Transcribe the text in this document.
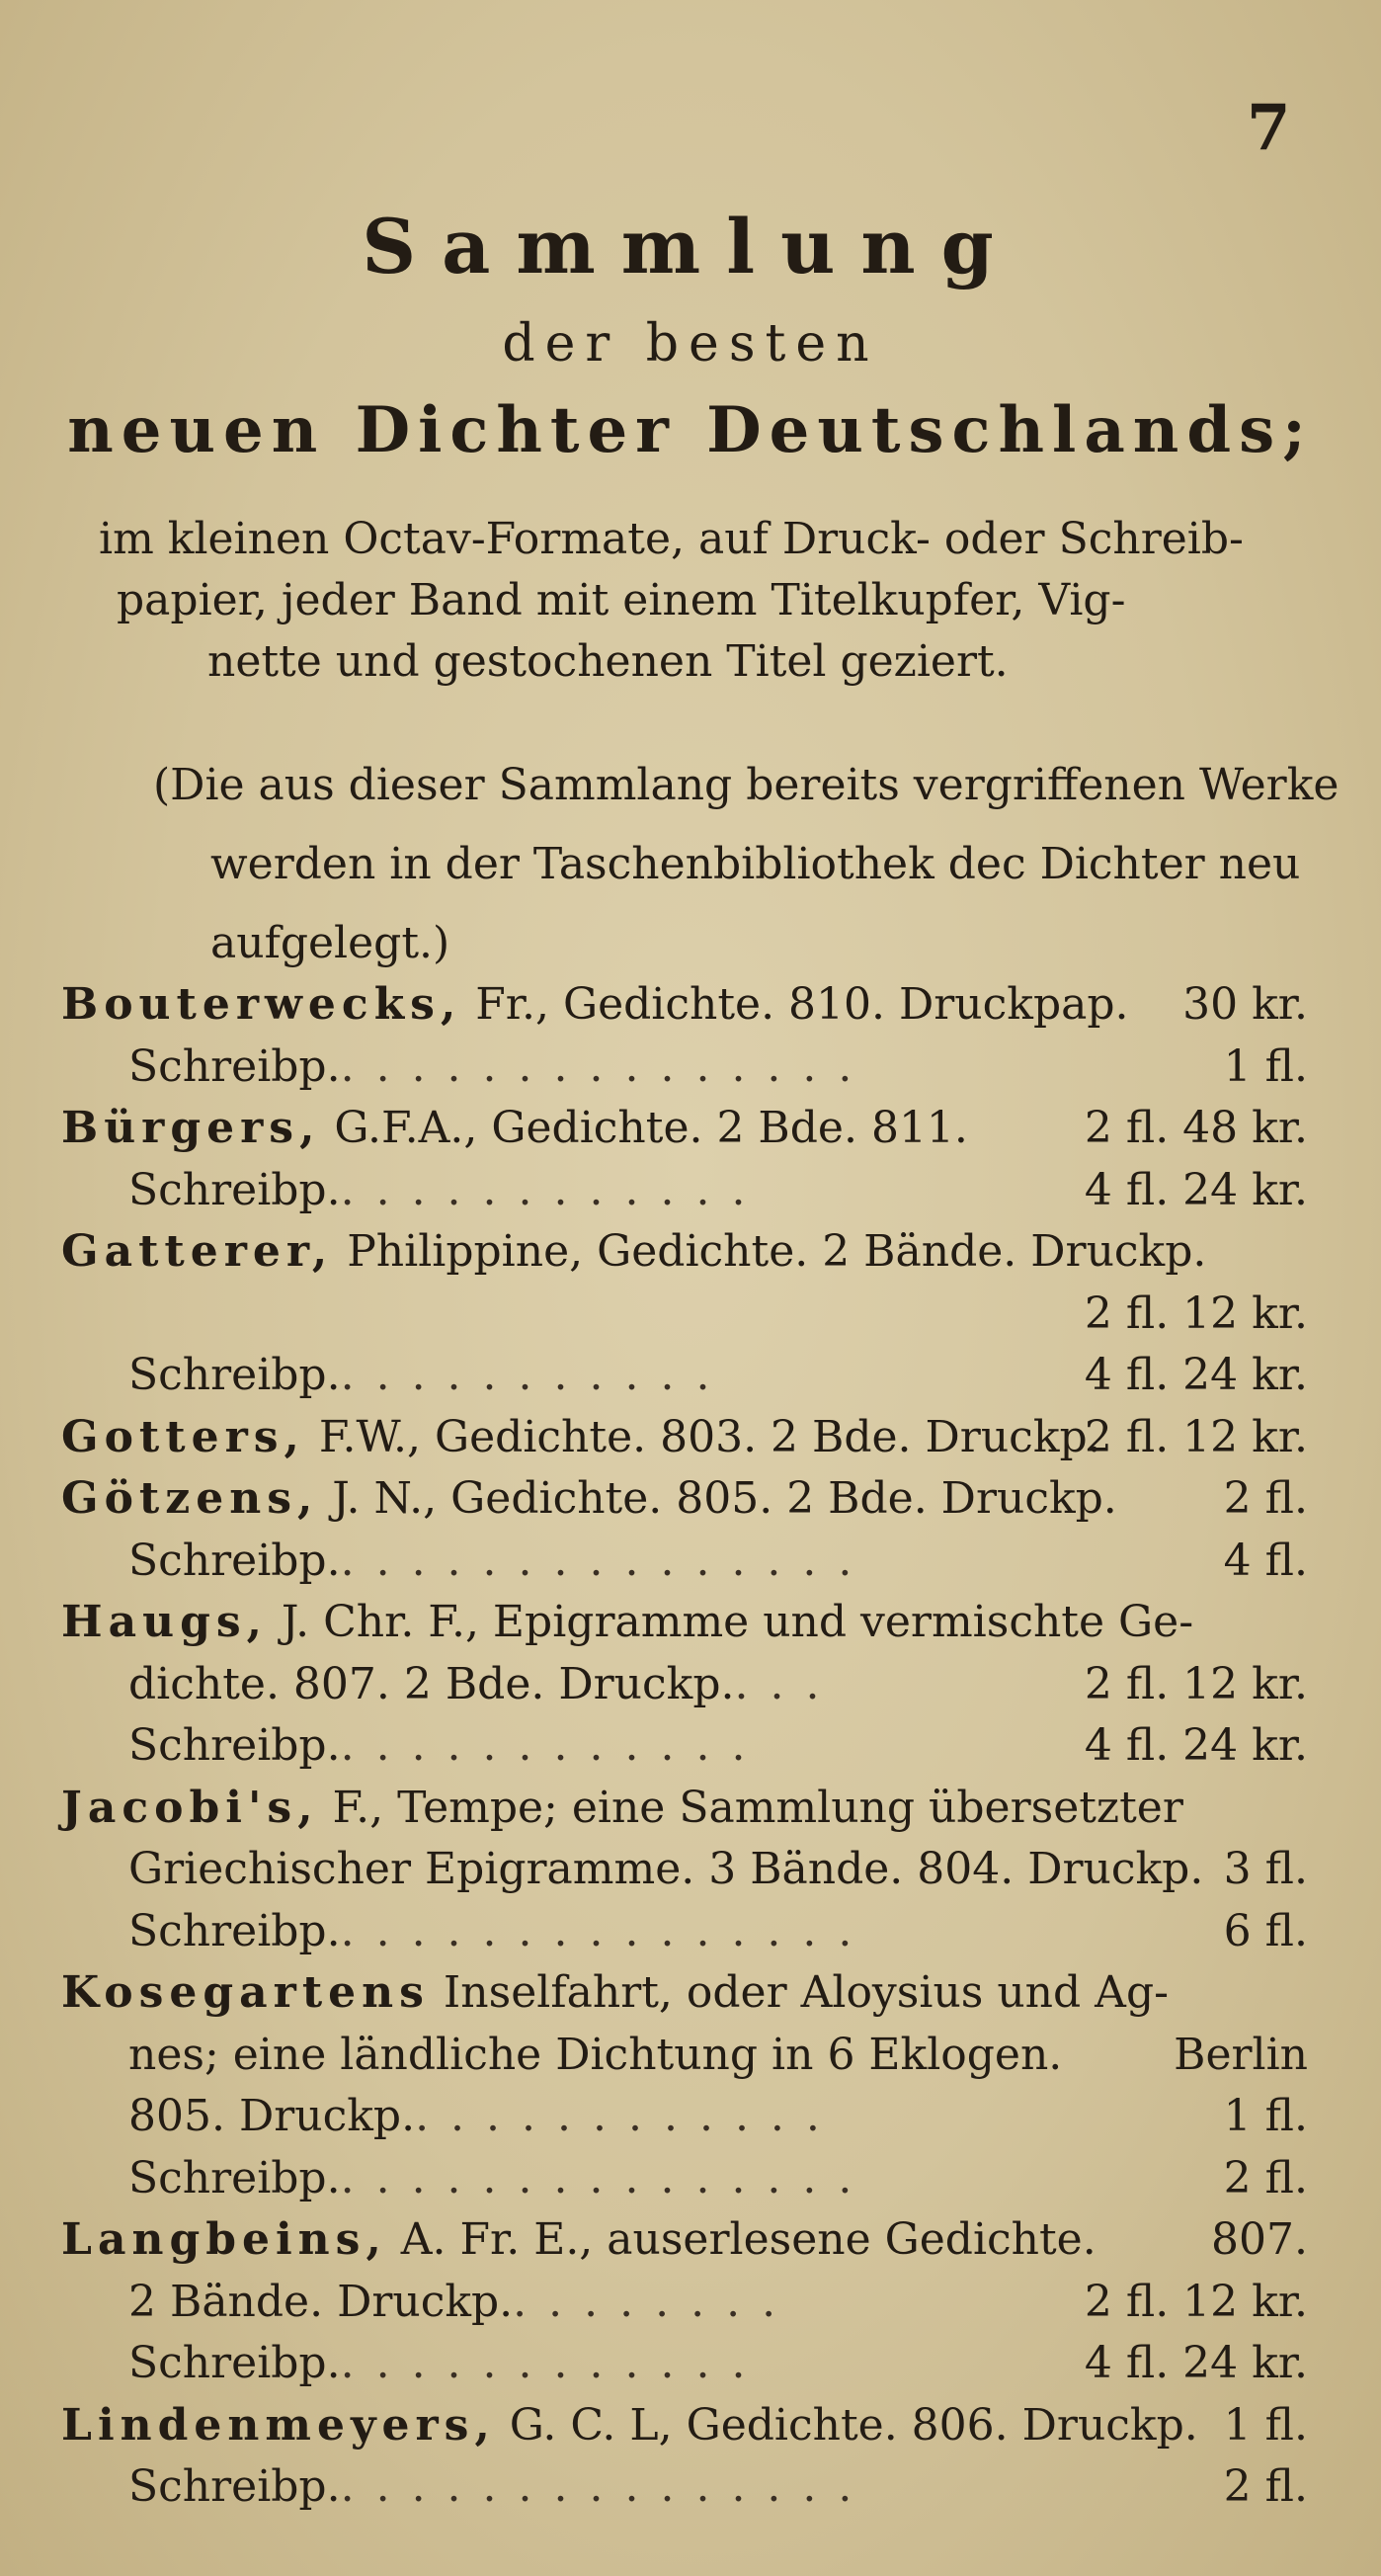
7
Sammlung
der besten
neuen Dichter Deutschlands;

im kleinen Octav-Formate, auf Druck- oder Schreib-

papier, jeder Band mit einem Titelkupfer, Vig-

nette und gestochenen Titel geziert.

(Die aus dieser Sammlang bereits vergriffenen Werke

werden in der Taschenbibliothek dec Dichter neu

aufgelegt.)

30 kr.
Bouterwecks, Fr., Gedichte. 810. Druckpap.
1 fl.
Schreibp................
2 fl. 48 kr.
Bürgers, G.F.A., Gedichte. 2 Bde. 811.
4 fl. 24 kr.
Schreibp.............
Gatterer, Philippine, Gedichte. 2 Bände. Druckp.
2 fl. 12 kr.
4 fl. 24 kr.
Schreibp............
2 fl. 12 kr.
Gotters, F.W., Gedichte. 803. 2 Bde. Druckp.
2 fl.
Götzens, J. N., Gedichte. 805. 2 Bde. Druckp.
4 fl.
Schreibp................
Haugs, J. Chr. F., Epigramme und vermischte Ge-
2 fl. 12 kr.
dichte. 807. 2 Bde. Druckp....
4 fl. 24 kr.
Schreibp.............
Jacobi's, F., Tempe; eine Sammlung übersetzter
3 fl.
Griechischer Epigramme. 3 Bände. 804. Druckp.
6 fl.
Schreibp................
Kosegartens Inselfahrt, oder Aloysius und Ag-
Berlin
nes; eine ländliche Dichtung in 6 Eklogen.
1 fl.
805. Druckp.............
2 fl.
Schreibp................
807.
Langbeins, A. Fr. E., auserlesene Gedichte.
2 fl. 12 kr.
2 Bände. Druckp.........
4 fl. 24 kr.
Schreibp.............
1 fl.
Lindenmeyers, G. C. L, Gedichte. 806. Druckp.
2 fl.
Schreibp................
